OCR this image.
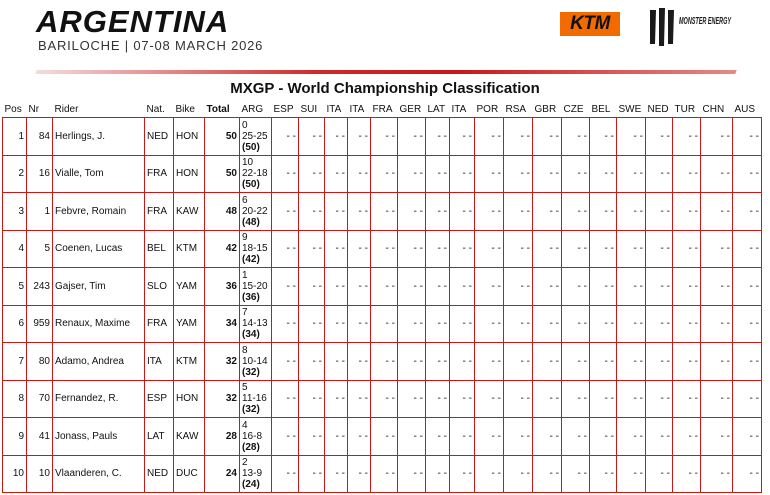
ARGENTINA
BARILOCHE | 07-08 MARCH 2026
KTM	MONSTER ENERGY
MXGP - World Championship Classification
Pos	Nr	Rider	Nat.	Bike	Total	ARG	ESP	SUI	ITA	ITA	FRA	GER	LAT	ITA	POR	RSA	GBR	CZE	BEL	SWE	NED	TUR	CHN	AUS
1	84	Herlings, J.	NED	HON	50	0
25-25
(50)	- -	- -	- -	- -	- -	- -	- -	- -	- -	- -	- -	- -	- -	- -	- -	- -	- -	- -
2	16	Vialle, Tom	FRA	HON	50	10
22-18
(50)	- -	- -	- -	- -	- -	- -	- -	- -	- -	- -	- -	- -	- -	- -	- -	- -	- -	- -
3	1	Febvre, Romain	FRA	KAW	48	6
20-22
(48)	- -	- -	- -	- -	- -	- -	- -	- -	- -	- -	- -	- -	- -	- -	- -	- -	- -	- -
4	5	Coenen, Lucas	BEL	KTM	42	9
18-15
(42)	- -	- -	- -	- -	- -	- -	- -	- -	- -	- -	- -	- -	- -	- -	- -	- -	- -	- -
5	243	Gajser, Tim	SLO	YAM	36	1
15-20
(36)	- -	- -	- -	- -	- -	- -	- -	- -	- -	- -	- -	- -	- -	- -	- -	- -	- -	- -
6	959	Renaux, Maxime	FRA	YAM	34	7
14-13
(34)	- -	- -	- -	- -	- -	- -	- -	- -	- -	- -	- -	- -	- -	- -	- -	- -	- -	- -
7	80	Adamo, Andrea	ITA	KTM	32	8
10-14
(32)	- -	- -	- -	- -	- -	- -	- -	- -	- -	- -	- -	- -	- -	- -	- -	- -	- -	- -
8	70	Fernandez, R.	ESP	HON	32	5
11-16
(32)	- -	- -	- -	- -	- -	- -	- -	- -	- -	- -	- -	- -	- -	- -	- -	- -	- -	- -
9	41	Jonass, Pauls	LAT	KAW	28	4
16-8
(28)	- -	- -	- -	- -	- -	- -	- -	- -	- -	- -	- -	- -	- -	- -	- -	- -	- -	- -
10	10	Vlaanderen, C.	NED	DUC	24	2
13-9
(24)	- -	- -	- -	- -	- -	- -	- -	- -	- -	- -	- -	- -	- -	- -	- -	- -	- -	- -
